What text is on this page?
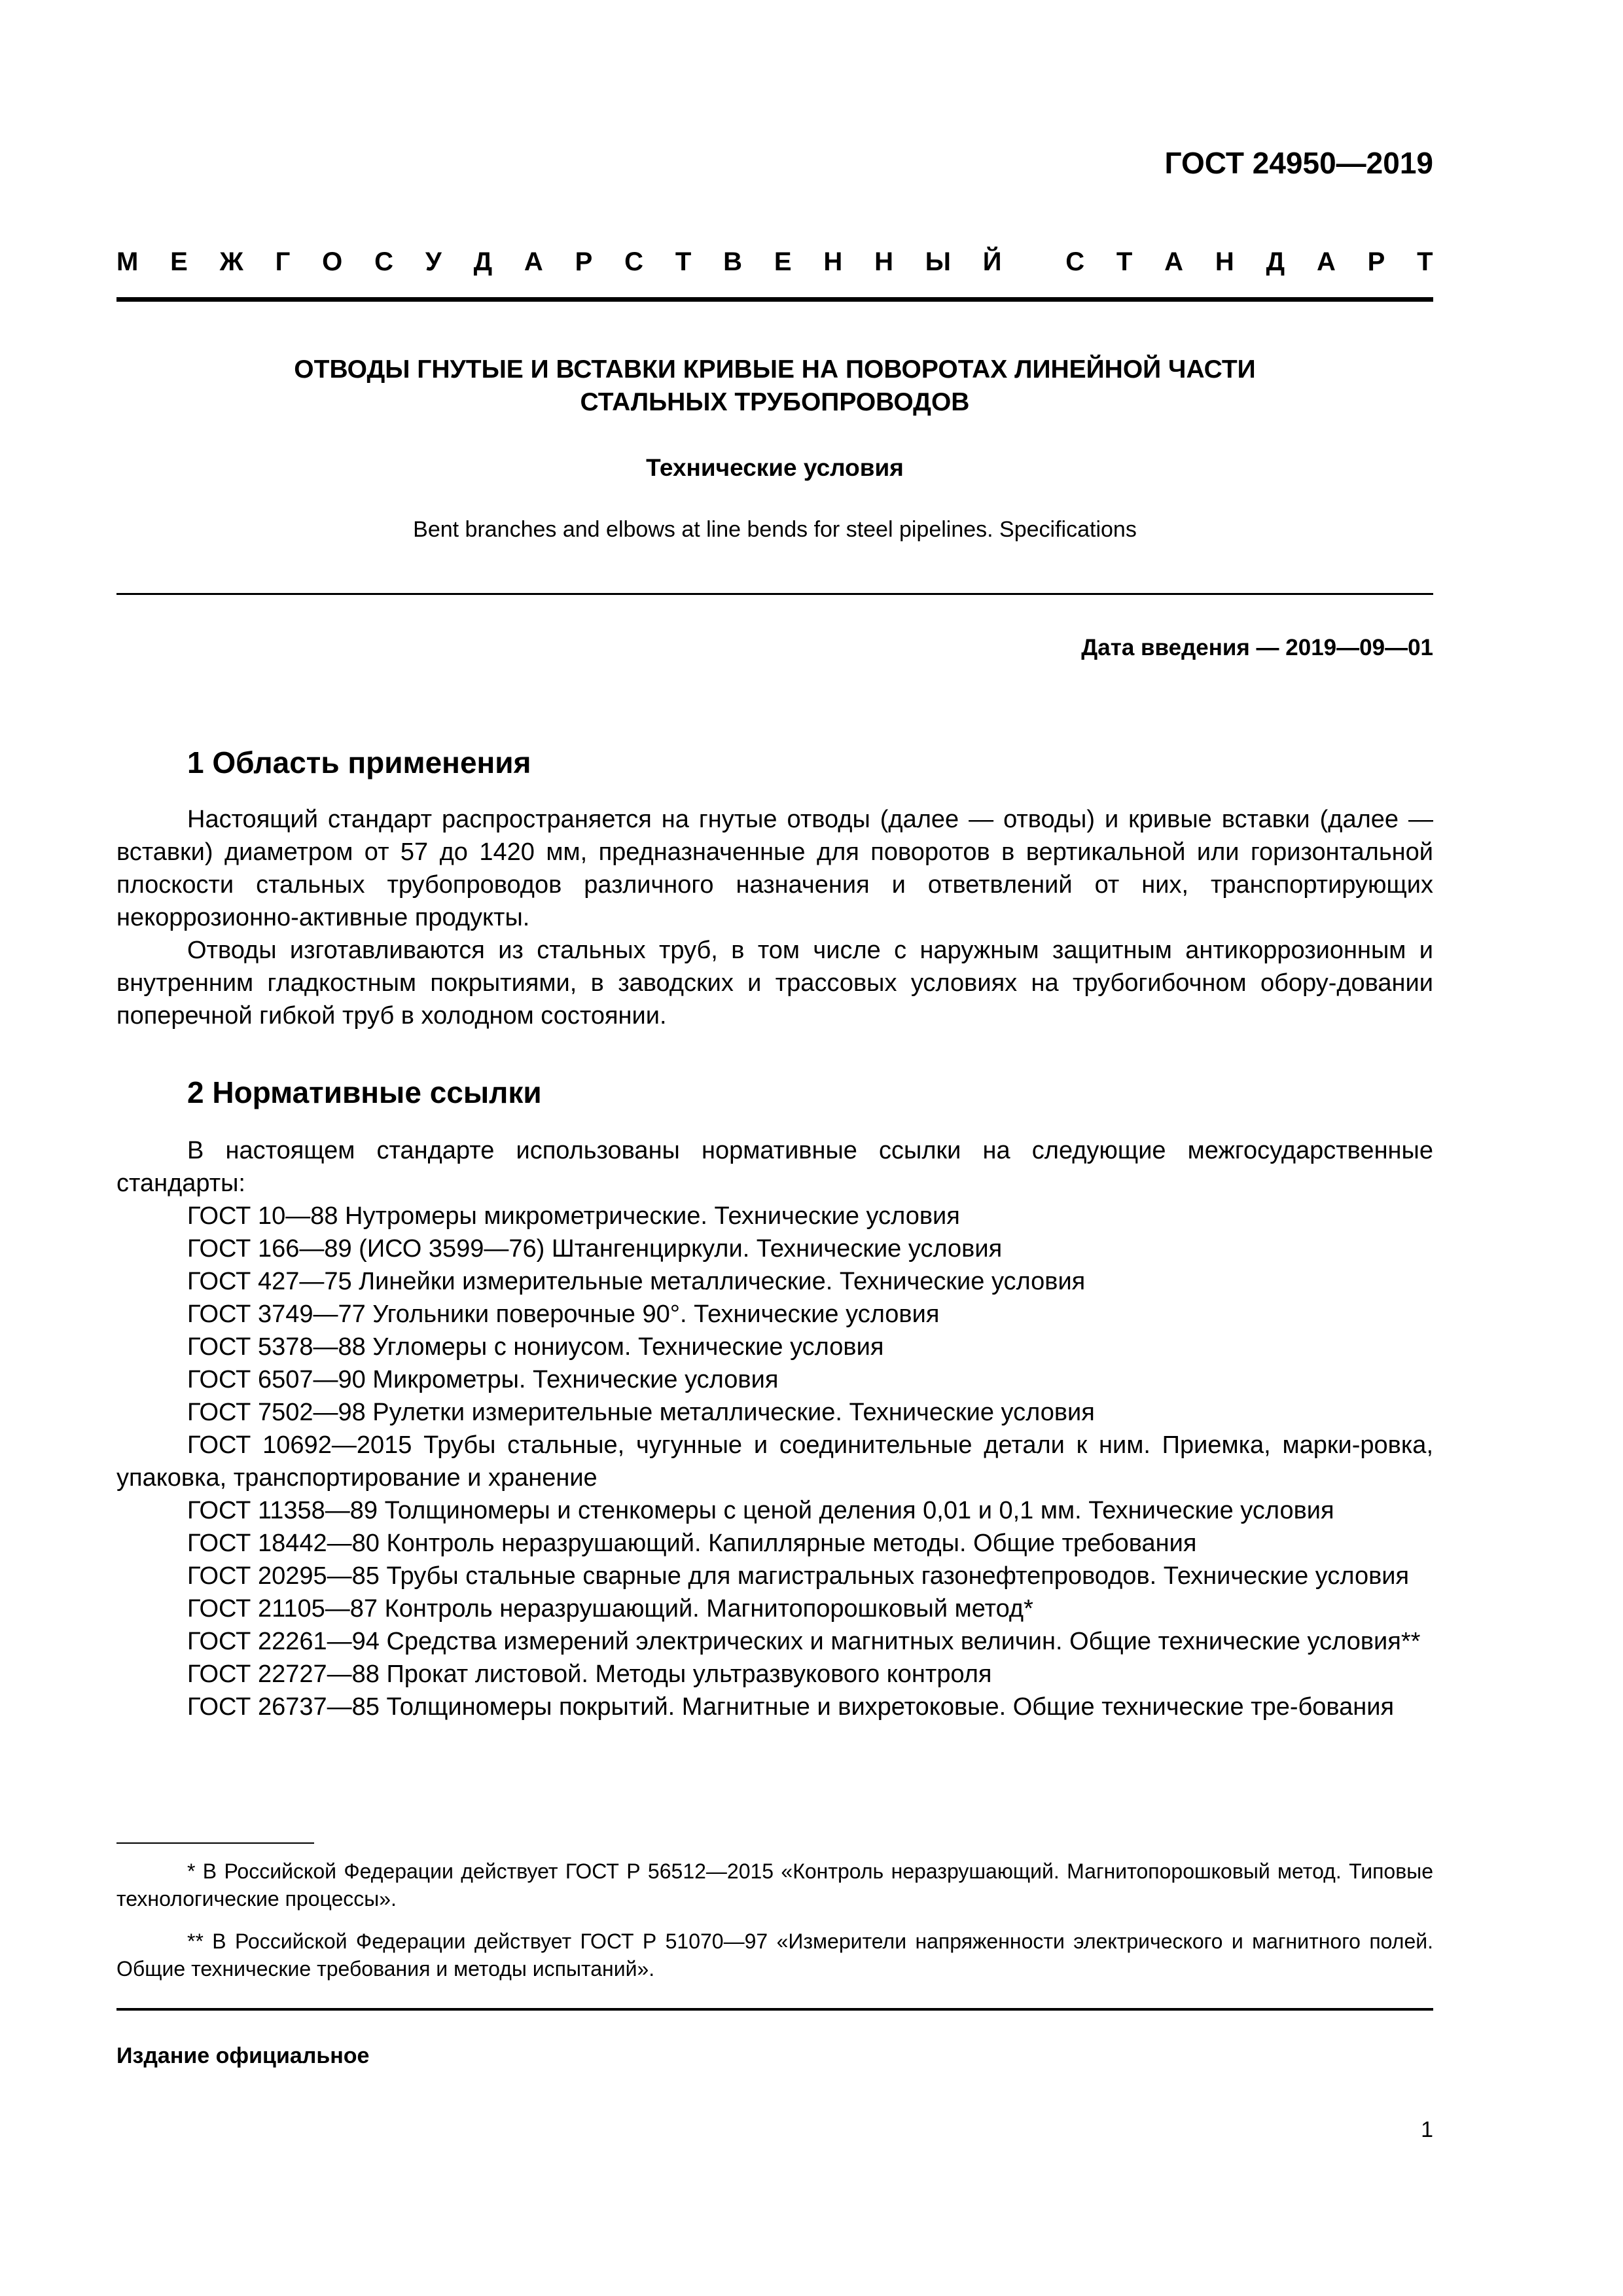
ГОСТ 24950—2019
М Е Ж Г О С У Д А Р С Т В Е Н Н Ы Й С Т А Н Д А Р Т
ОТВОДЫ ГНУТЫЕ И ВСТАВКИ КРИВЫЕ НА ПОВОРОТАХ ЛИНЕЙНОЙ ЧАСТИ
СТАЛЬНЫХ ТРУБОПРОВОДОВ
Технические условия
Bent branches and elbows at line bends for steel pipelines. Specifications
Дата введения — 2019—09—01
1 Область применения

Настоящий стандарт распространяется на гнутые отводы (далее — отводы) и кривые вставки (далее — вставки) диаметром от 57 до 1420 мм, предназначенные для поворотов в вертикальной или горизонтальной плоскости стальных трубопроводов различного назначения и ответвлений от них, транспортирующих некоррозионно-активные продукты.

Отводы изготавливаются из стальных труб, в том числе с наружным защитным антикоррозионным и внутренним гладкостным покрытиями, в заводских и трассовых условиях на трубогибочном обору-довании поперечной гибкой труб в холодном состоянии.

2 Нормативные ссылки

В настоящем стандарте использованы нормативные ссылки на следующие межгосударственные стандарты:

ГОСТ 10—88 Нутромеры микрометрические. Технические условия

ГОСТ 166—89 (ИСО 3599—76) Штангенциркули. Технические условия

ГОСТ 427—75 Линейки измерительные металлические. Технические условия

ГОСТ 3749—77 Угольники поверочные 90°. Технические условия

ГОСТ 5378—88 Угломеры с нониусом. Технические условия

ГОСТ 6507—90 Микрометры. Технические условия

ГОСТ 7502—98 Рулетки измерительные металлические. Технические условия

ГОСТ 10692—2015 Трубы стальные, чугунные и соединительные детали к ним. Приемка, марки-ровка, упаковка, транспортирование и хранение

ГОСТ 11358—89 Толщиномеры и стенкомеры с ценой деления 0,01 и 0,1 мм. Технические условия

ГОСТ 18442—80 Контроль неразрушающий. Капиллярные методы. Общие требования

ГОСТ 20295—85 Трубы стальные сварные для магистральных газонефтепроводов. Технические условия

ГОСТ 21105—87 Контроль неразрушающий. Магнитопорошковый метод*

ГОСТ 22261—94 Средства измерений электрических и магнитных величин. Общие технические условия**

ГОСТ 22727—88 Прокат листовой. Методы ультразвукового контроля

ГОСТ 26737—85 Толщиномеры покрытий. Магнитные и вихретоковые. Общие технические тре-бования

* В Российской Федерации действует ГОСТ Р 56512—2015 «Контроль неразрушающий. Магнитопорошковый метод. Типовые технологические процессы».

** В Российской Федерации действует ГОСТ Р 51070—97 «Измерители напряженности электрического и магнитного полей. Общие технические требования и методы испытаний».

Издание официальное
1
